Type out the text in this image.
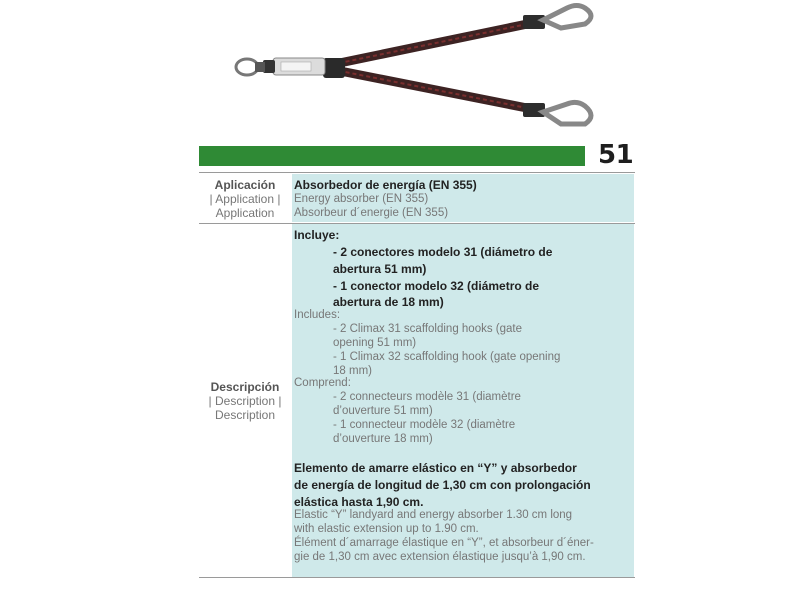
51
Aplicación
| Application |
Application
Absorbedor de energía (EN 355)
Energy absorber (EN 355)
Absorbeur d´energie (EN 355)
Descripción
| Description |
Description
Incluye:
- 2 conectores modelo 31 (diámetro de
abertura 51 mm)
- 1 conector modelo 32 (diámetro de
abertura de 18 mm)
Includes:
- 2 Climax 31 scaffolding hooks (gate
opening 51 mm)
- 1 Climax 32 scaffolding hook (gate opening
18 mm)
Comprend:
- 2 connecteurs modèle 31 (diamètre
d’ouverture 51 mm)
- 1 connecteur modèle 32 (diamètre
d’ouverture 18 mm)
Elemento de amarre elástico en “Y” y absorbedor
de energía de longitud de 1,30 cm con prolongación
elástica hasta 1,90 cm.
Elastic “Y” landyard and energy absorber 1.30 cm long
with elastic extension up to 1.90 cm.
Élément d´amarrage élastique en “Y”, et absorbeur d´éner-
gie de 1,30 cm avec extension élastique jusqu’à 1,90 cm.
